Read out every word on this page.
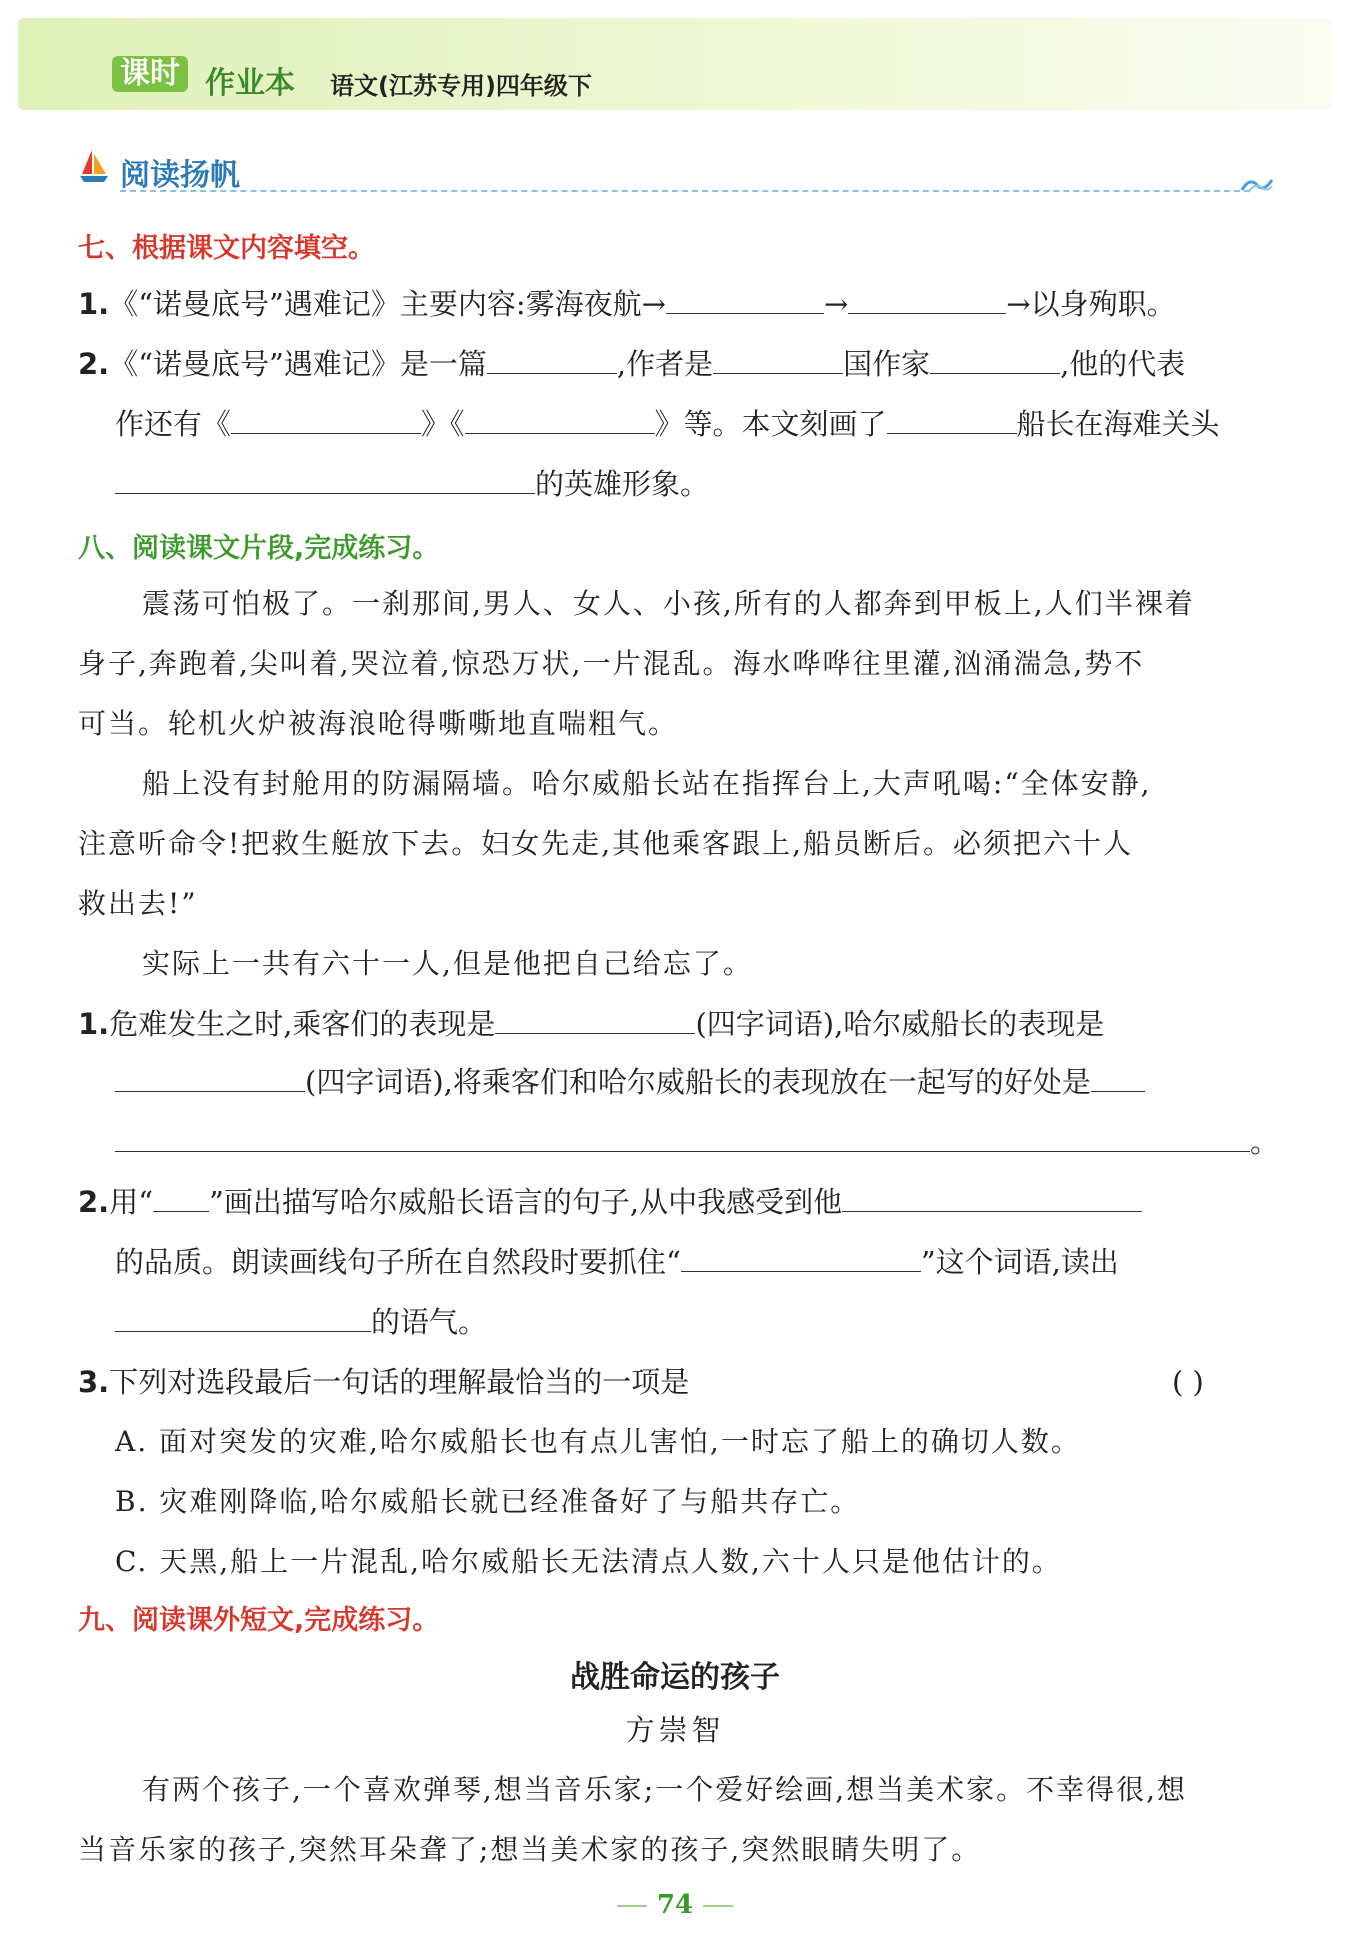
课时 作业本 语文(江苏专用)四年级下
阅读扬帆
七、根据课文内容填空。
1.《“诺曼底号”遇难记》主要内容:雾海夜航→	→	→以身殉职。
2.《“诺曼底号”遇难记》是一篇	,作者是	国作家	,他的代表
作还有《	》《	》等。本文刻画了	船长在海难关头
的英雄形象。
八、阅读课文片段,完成练习。
震荡可怕极了。一刹那间,男人、女人、小孩,所有的人都奔到甲板上,人们半裸着
身子,奔跑着,尖叫着,哭泣着,惊恐万状,一片混乱。海水哗哗往里灌,汹涌湍急,势不
可当。轮机火炉被海浪呛得嘶嘶地直喘粗气。
船上没有封舱用的防漏隔墙。哈尔威船长站在指挥台上,大声吼喝:“全体安静,
注意听命令!把救生艇放下去。妇女先走,其他乘客跟上,船员断后。必须把六十人
救出去!”
实际上一共有六十一人,但是他把自己给忘了。
1.危难发生之时,乘客们的表现是	(四字词语),哈尔威船长的表现是
(四字词语),将乘客们和哈尔威船长的表现放在一起写的好处是
。
2.用“ ”画出描写哈尔威船长语言的句子,从中我感受到他
的品质。朗读画线句子所在自然段时要抓住“	”这个词语,读出
的语气。
3.下列对选段最后一句话的理解最恰当的一项是	( )
A. 面对突发的灾难,哈尔威船长也有点儿害怕,一时忘了船上的确切人数。
B. 灾难刚降临,哈尔威船长就已经准备好了与船共存亡。
C. 天黑,船上一片混乱,哈尔威船长无法清点人数,六十人只是他估计的。
九、阅读课外短文,完成练习。
战胜命运的孩子
方崇智
有两个孩子,一个喜欢弹琴,想当音乐家;一个爱好绘画,想当美术家。不幸得很,想
当音乐家的孩子,突然耳朵聋了;想当美术家的孩子,突然眼睛失明了。
74
